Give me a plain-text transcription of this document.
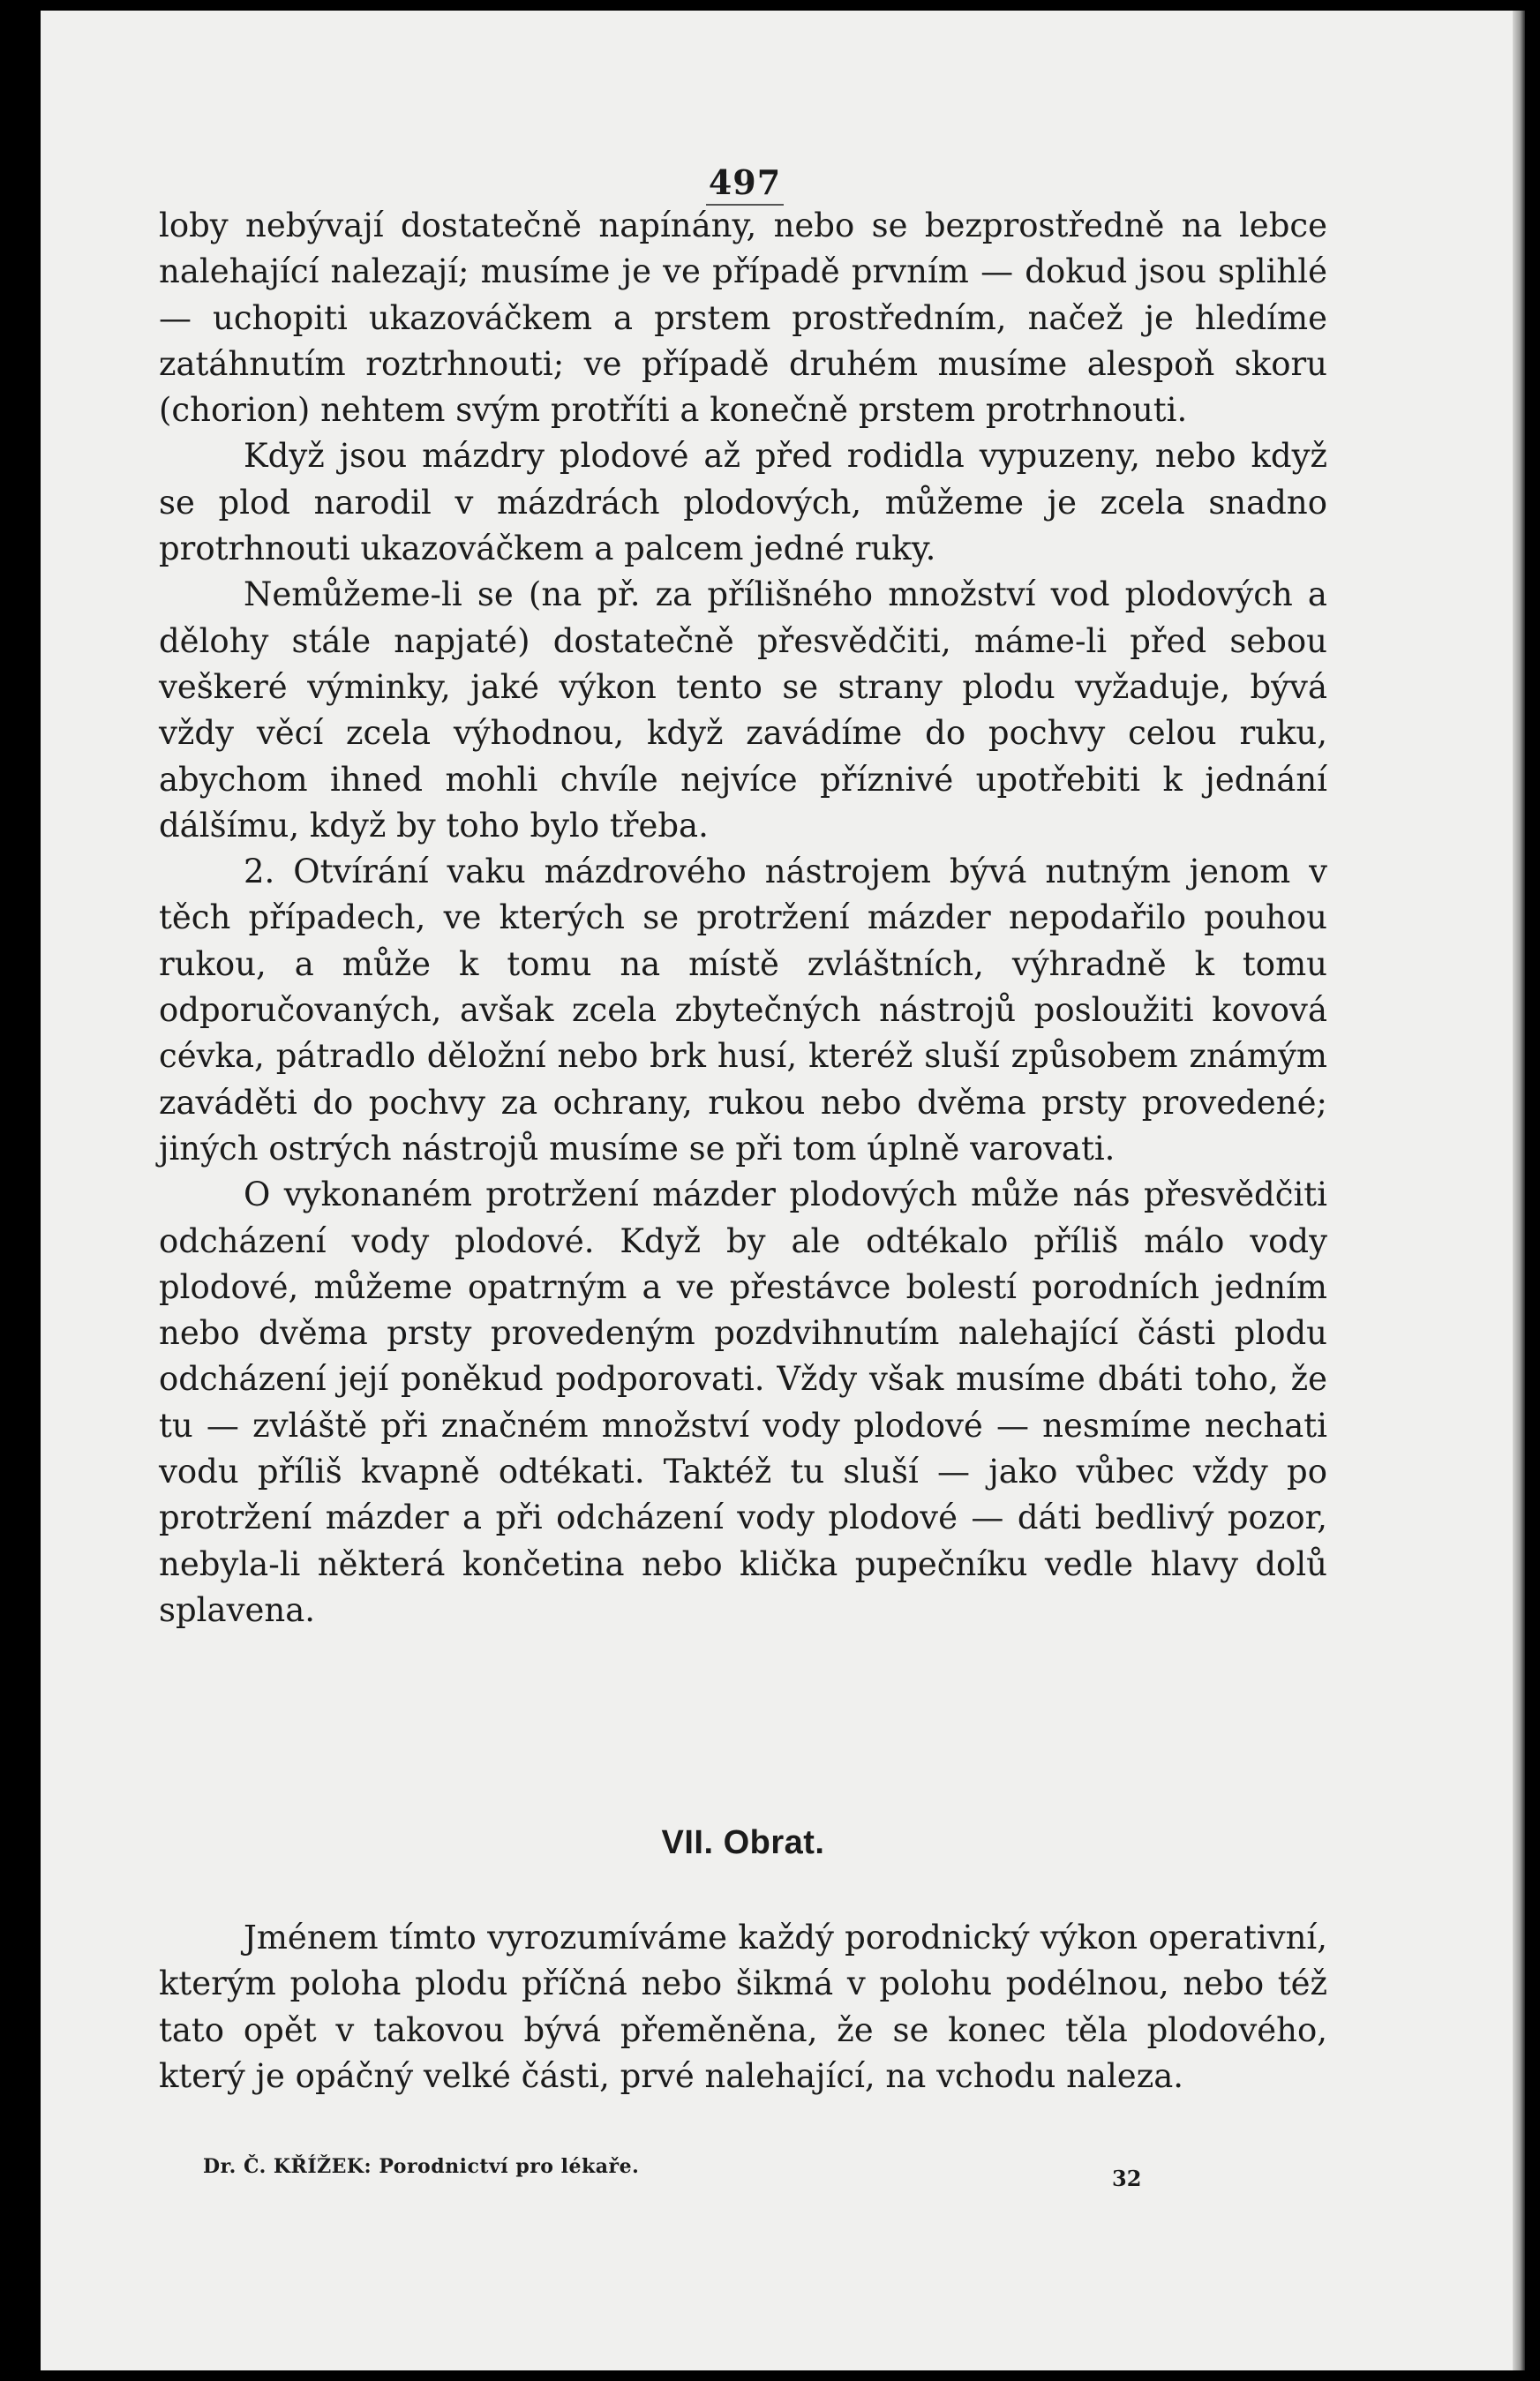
497

loby nebývají dostatečně napínány, nebo se bezprostředně na lebce nalehající nalezají; musíme je ve případě prvním — dokud jsou splihlé — uchopiti ukazováčkem a prstem prostředním, načež je hledíme zatáhnutím roztrhnouti; ve případě druhém musíme alespoň skoru (chorion) nehtem svým protříti a konečně prstem protrhnouti.

Když jsou mázdry plodové až před rodidla vypuzeny, nebo když se plod narodil v mázdrách plodových, můžeme je zcela snadno protrhnouti ukazováčkem a palcem jedné ruky.

Nemůžeme-li se (na př. za přílišného množství vod plodových a dělohy stále napjaté) dostatečně přesvědčiti, máme-li před sebou veškeré výminky, jaké výkon tento se strany plodu vyžaduje, bývá vždy věcí zcela výhodnou, když zavádíme do pochvy celou ruku, abychom ihned mohli chvíle nejvíce příznivé upotřebiti k jednání dálšímu, když by toho bylo třeba.

2. Otvírání vaku mázdrového nástrojem bývá nutným jenom v těch případech, ve kterých se protržení mázder nepodařilo pouhou rukou, a může k tomu na místě zvláštních, výhradně k tomu odporučovaných, avšak zcela zbytečných nástrojů posloužiti kovová cévka, pátradlo děložní nebo brk husí, kteréž sluší způsobem známým zaváděti do pochvy za ochrany, rukou nebo dvěma prsty provedené; jiných ostrých nástrojů musíme se při tom úplně varovati.

O vykonaném protržení mázder plodových může nás přesvědčiti odcházení vody plodové. Když by ale odtékalo příliš málo vody plodové, můžeme opatrným a ve přestávce bolestí porodních jedním nebo dvěma prsty provedeným pozdvihnutím nalehající části plodu odcházení její poněkud podporovati. Vždy však musíme dbáti toho, že tu — zvláště při značném množství vody plodové — nesmíme nechati vodu příliš kvapně odtékati. Taktéž tu sluší — jako vůbec vždy po protržení mázder a při odcházení vody plodové — dáti bedlivý pozor, nebyla-li některá končetina nebo klička pupečníku vedle hlavy dolů splavena.

VII. Obrat.

Jménem tímto vyrozumíváme každý porodnický výkon operativní, kterým poloha plodu příčná nebo šikmá v polohu podélnou, nebo též tato opět v takovou bývá přeměněna, že se konec těla plodového, který je opáčný velké části, prvé nalehající, na vchodu naleza.

Dr. Č. KŘÍŽEK: Porodnictví pro lékaře.	32
